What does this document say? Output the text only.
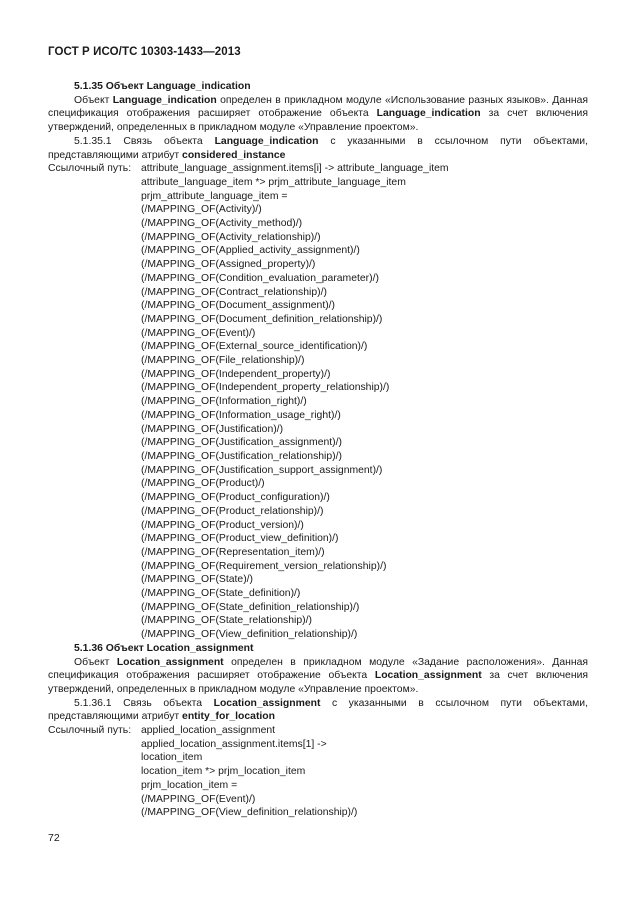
ГОСТ Р ИСО/ТС 10303-1433—2013
5.1.35 Объект Language_indication

Объект Language_indication определен в прикладном модуле «Использование разных языков». Данная спецификация отображения расширяет отображение объекта Language_indication за счет включения утверждений, определенных в прикладном модуле «Управление проектом».

5.1.35.1 Связь объекта Language_indication с указанными в ссылочном пути объектами, представляющими атрибут considered_instance

Ссылочный путь: attribute_language_assignment.items[i] -> attribute_language_item
attribute_language_item *> prjm_attribute_language_item
prjm_attribute_language_item =
(/MAPPING_OF(Activity)/)
(/MAPPING_OF(Activity_method)/)
(/MAPPING_OF(Activity_relationship)/)
(/MAPPING_OF(Applied_activity_assignment)/)
(/MAPPING_OF(Assigned_property)/)
(/MAPPING_OF(Condition_evaluation_parameter)/)
(/MAPPING_OF(Contract_relationship)/)
(/MAPPING_OF(Document_assignment)/)
(/MAPPING_OF(Document_definition_relationship)/)
(/MAPPING_OF(Event)/)
(/MAPPING_OF(External_source_identification)/)
(/MAPPING_OF(File_relationship)/)
(/MAPPING_OF(Independent_property)/)
(/MAPPING_OF(Independent_property_relationship)/)
(/MAPPING_OF(Information_right)/)
(/MAPPING_OF(Information_usage_right)/)
(/MAPPING_OF(Justification)/)
(/MAPPING_OF(Justification_assignment)/)
(/MAPPING_OF(Justification_relationship)/)
(/MAPPING_OF(Justification_support_assignment)/)
(/MAPPING_OF(Product)/)
(/MAPPING_OF(Product_configuration)/)
(/MAPPING_OF(Product_relationship)/)
(/MAPPING_OF(Product_version)/)
(/MAPPING_OF(Product_view_definition)/)
(/MAPPING_OF(Representation_item)/)
(/MAPPING_OF(Requirement_version_relationship)/)
(/MAPPING_OF(State)/)
(/MAPPING_OF(State_definition)/)
(/MAPPING_OF(State_definition_relationship)/)
(/MAPPING_OF(State_relationship)/)
(/MAPPING_OF(View_definition_relationship)/)
5.1.36 Объект Location_assignment

Объект Location_assignment определен в прикладном модуле «Задание расположения». Данная спецификация отображения расширяет отображение объекта Location_assignment за счет включения утверждений, определенных в прикладном модуле «Управление проектом».

5.1.36.1 Связь объекта Location_assignment с указанными в ссылочном пути объектами, представляющими атрибут entity_for_location

Ссылочный путь: applied_location_assignment
applied_location_assignment.items[1] ->
location_item
location_item *> prjm_location_item
prjm_location_item =
(/MAPPING_OF(Event)/)
(/MAPPING_OF(View_definition_relationship)/)
72
